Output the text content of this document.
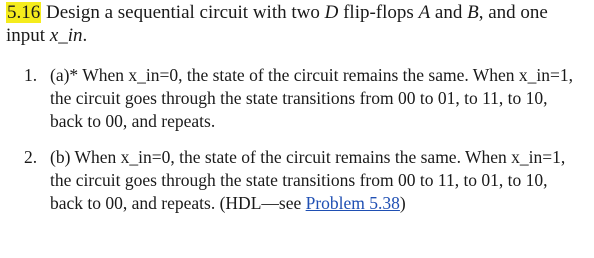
5.16 Design a sequential circuit with two D flip-flops A and B, and one input x_in.
1. (a)* When x_in=0, the state of the circuit remains the same. When x_in=1, the circuit goes through the state transitions from 00 to 01, to 11, to 10, back to 00, and repeats.
2. (b) When x_in=0, the state of the circuit remains the same. When x_in=1, the circuit goes through the state transitions from 00 to 11, to 01, to 10, back to 00, and repeats. (HDL—see Problem 5.38)
